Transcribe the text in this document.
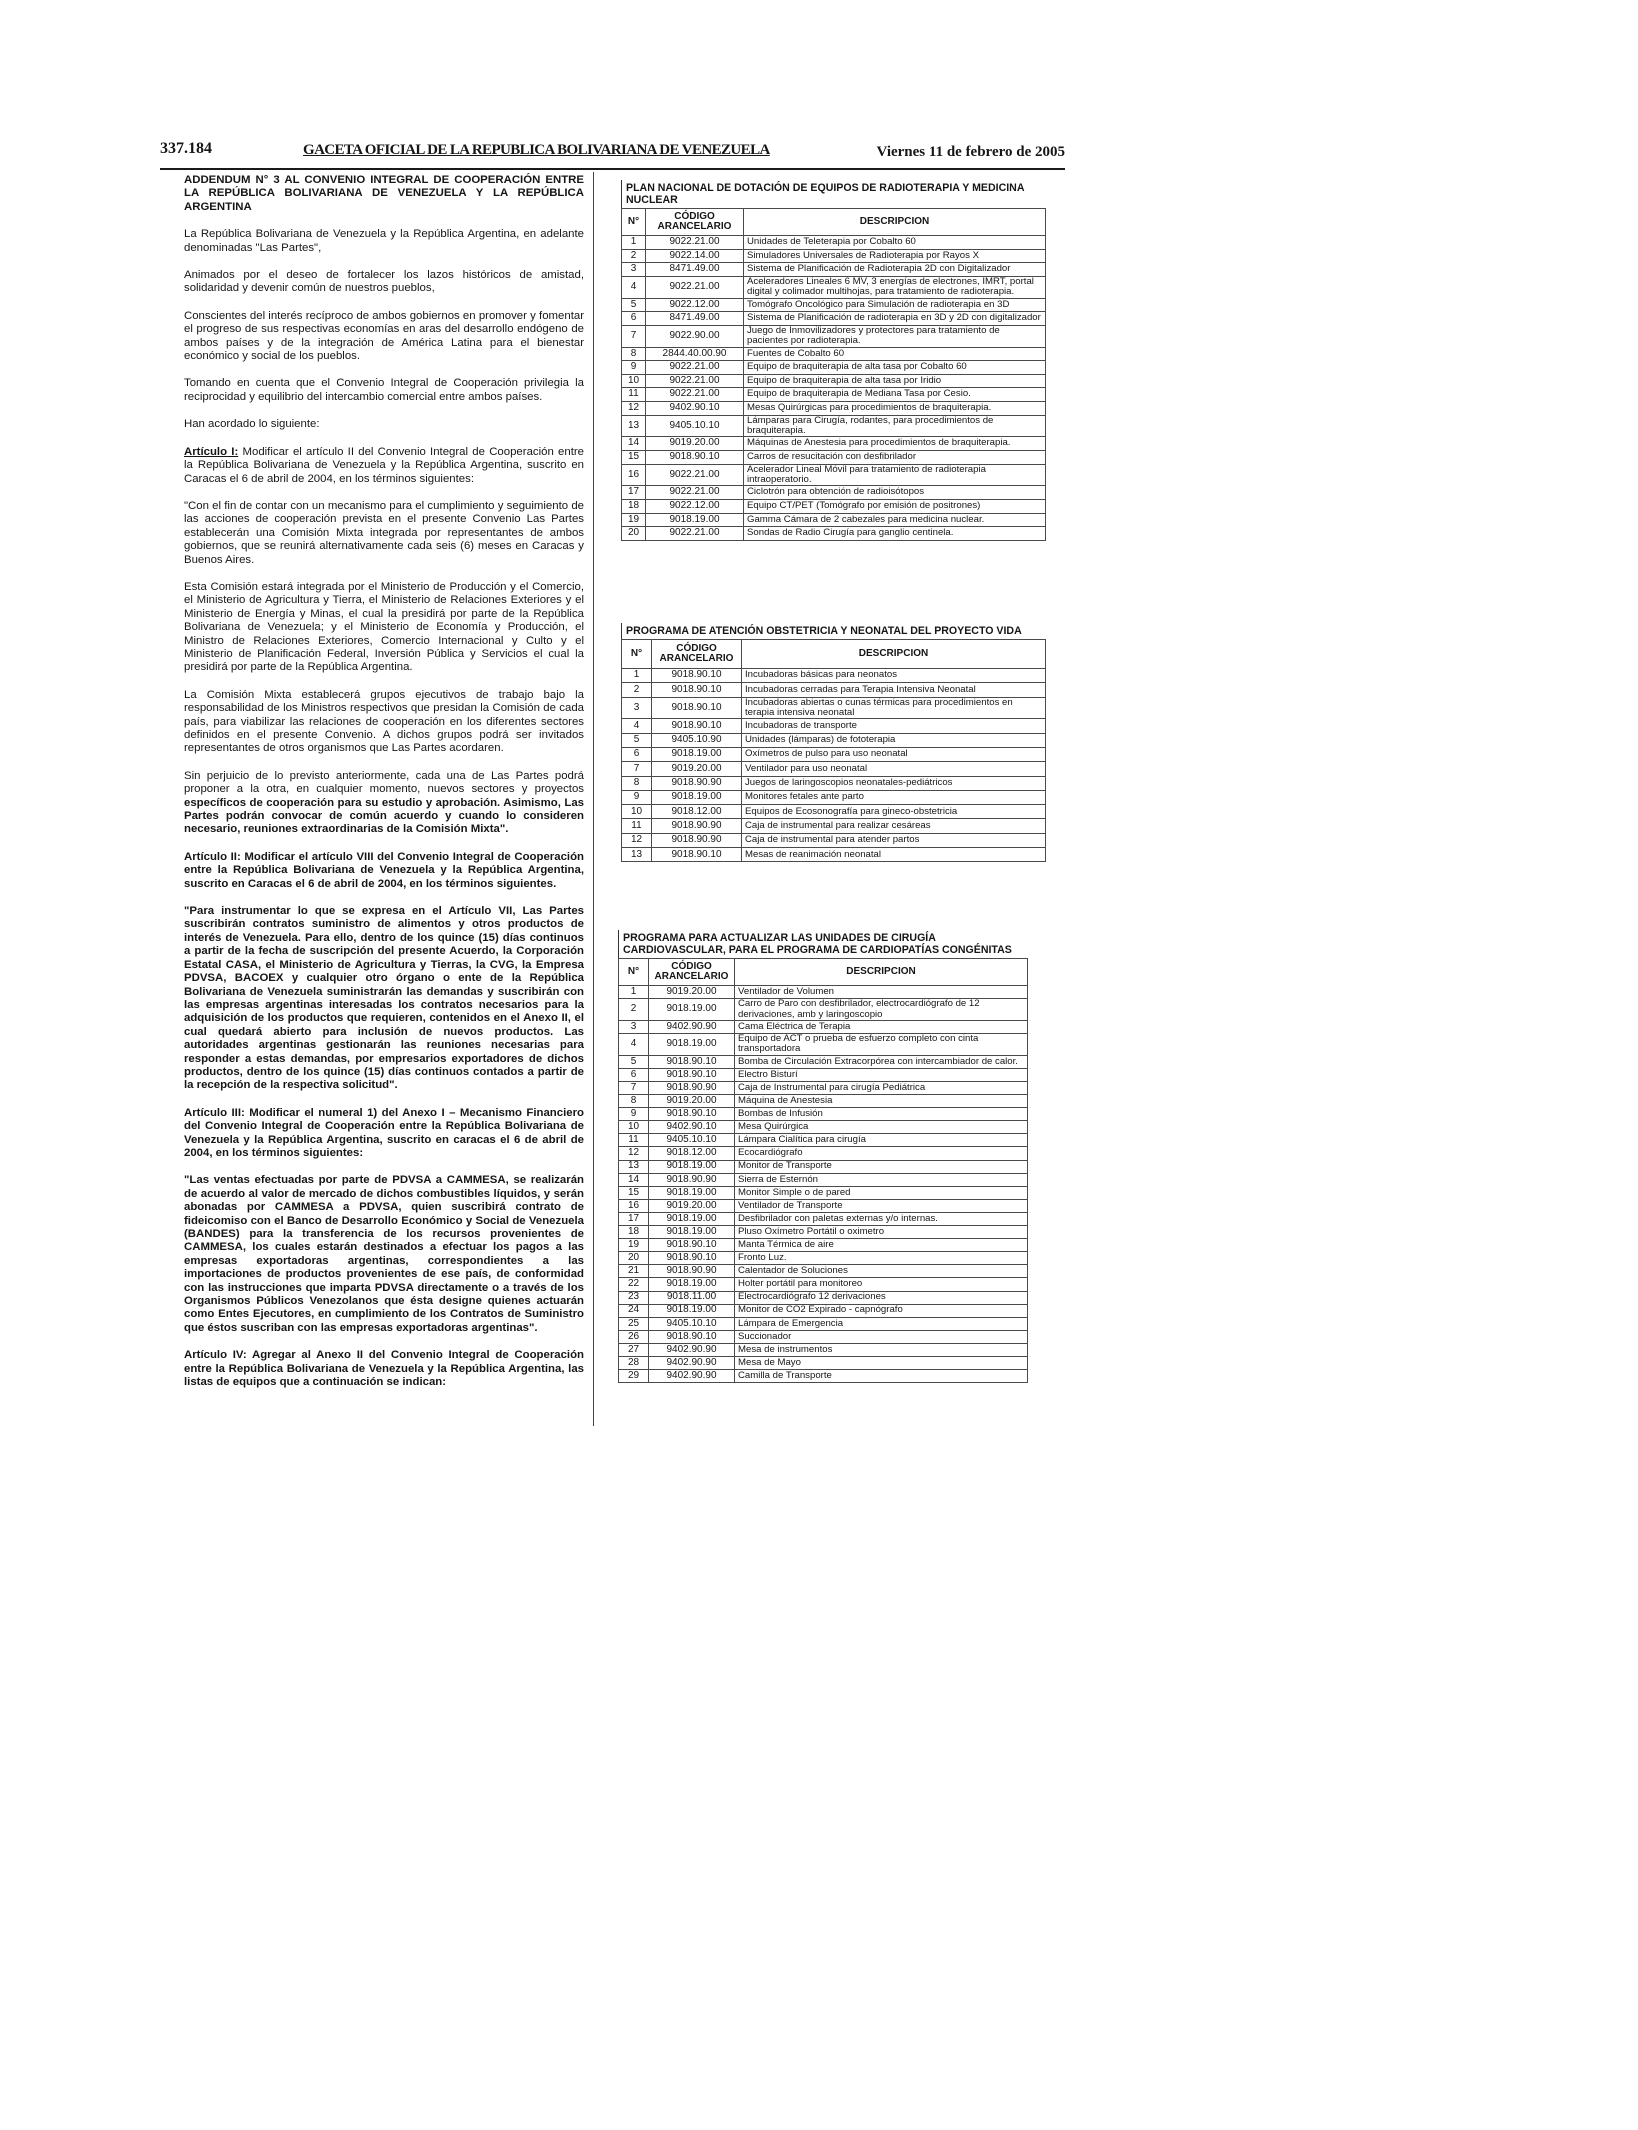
337.184	GACETA OFICIAL DE LA REPUBLICA BOLIVARIANA DE VENEZUELA	Viernes 11 de febrero de 2005

ADDENDUM N° 3 AL CONVENIO INTEGRAL DE COOPERACIÓN ENTRE LA REPÚBLICA BOLIVARIANA DE VENEZUELA Y LA REPÚBLICA ARGENTINA

La República Bolivariana de Venezuela y la República Argentina, en adelante denominadas "Las Partes",

Animados por el deseo de fortalecer los lazos históricos de amistad, solidaridad y devenir común de nuestros pueblos,

Conscientes del interés recíproco de ambos gobiernos en promover y fomentar el progreso de sus respectivas economías en aras del desarrollo endógeno de ambos países y de la integración de América Latina para el bienestar económico y social de los pueblos.

Tomando en cuenta que el Convenio Integral de Cooperación privilegia la reciprocidad y equilibrio del intercambio comercial entre ambos países.

Han acordado lo siguiente:

Artículo I: Modificar el artículo II del Convenio Integral de Cooperación entre la República Bolivariana de Venezuela y la República Argentina, suscrito en Caracas el 6 de abril de 2004, en los términos siguientes:

"Con el fin de contar con un mecanismo para el cumplimiento y seguimiento de las acciones de cooperación prevista en el presente Convenio Las Partes establecerán una Comisión Mixta integrada por representantes de ambos gobiernos, que se reunirá alternativamente cada seis (6) meses en Caracas y Buenos Aires.

Esta Comisión estará integrada por el Ministerio de Producción y el Comercio, el Ministerio de Agricultura y Tierra, el Ministerio de Relaciones Exteriores y el Ministerio de Energía y Minas, el cual la presidirá por parte de la República Bolivariana de Venezuela; y el Ministerio de Economía y Producción, el Ministro de Relaciones Exteriores, Comercio Internacional y Culto y el Ministerio de Planificación Federal, Inversión Pública y Servicios el cual la presidirá por parte de la República Argentina.

La Comisión Mixta establecerá grupos ejecutivos de trabajo bajo la responsabilidad de los Ministros respectivos que presidan la Comisión de cada país, para viabilizar las relaciones de cooperación en los diferentes sectores definidos en el presente Convenio. A dichos grupos podrá ser invitados representantes de otros organismos que Las Partes acordaren.

Sin perjuicio de lo previsto anteriormente, cada una de Las Partes podrá proponer a la otra, en cualquier momento, nuevos sectores y proyectos específicos de cooperación para su estudio y aprobación. Asimismo, Las Partes podrán convocar de común acuerdo y cuando lo consideren necesario, reuniones extraordinarias de la Comisión Mixta".

Artículo II: Modificar el artículo VIII del Convenio Integral de Cooperación entre la República Bolivariana de Venezuela y la República Argentina, suscrito en Caracas el 6 de abril de 2004, en los términos siguientes.

"Para instrumentar lo que se expresa en el Artículo VII, Las Partes suscribirán contratos suministro de alimentos y otros productos de interés de Venezuela. Para ello, dentro de los quince (15) días continuos a partir de la fecha de suscripción del presente Acuerdo, la Corporación Estatal CASA, el Ministerio de Agricultura y Tierras, la CVG, la Empresa PDVSA, BACOEX y cualquier otro órgano o ente de la República Bolivariana de Venezuela suministrarán las demandas y suscribirán con las empresas argentinas interesadas los contratos necesarios para la adquisición de los productos que requieren, contenidos en el Anexo II, el cual quedará abierto para inclusión de nuevos productos. Las autoridades argentinas gestionarán las reuniones necesarias para responder a estas demandas, por empresarios exportadores de dichos productos, dentro de los quince (15) días continuos contados a partir de la recepción de la respectiva solicitud".

Artículo III: Modificar el numeral 1) del Anexo I – Mecanismo Financiero del Convenio Integral de Cooperación entre la República Bolivariana de Venezuela y la República Argentina, suscrito en caracas el 6 de abril de 2004, en los términos siguientes:

"Las ventas efectuadas por parte de PDVSA a CAMMESA, se realizarán de acuerdo al valor de mercado de dichos combustibles líquidos, y serán abonadas por CAMMESA a PDVSA, quien suscribirá contrato de fideicomiso con el Banco de Desarrollo Económico y Social de Venezuela (BANDES) para la transferencia de los recursos provenientes de CAMMESA, los cuales estarán destinados a efectuar los pagos a las empresas exportadoras argentinas, correspondientes a las importaciones de productos provenientes de ese país, de conformidad con las instrucciones que imparta PDVSA directamente o a través de los Organismos Públicos Venezolanos que ésta designe quienes actuarán como Entes Ejecutores, en cumplimiento de los Contratos de Suministro que éstos suscriban con las empresas exportadoras argentinas".

Artículo IV: Agregar al Anexo II del Convenio Integral de Cooperación entre la República Bolivariana de Venezuela y la República Argentina, las listas de equipos que a continuación se indican:

PLAN NACIONAL DE DOTACIÓN DE EQUIPOS DE RADIOTERAPIA Y MEDICINA NUCLEAR
N°	CÓDIGO ARANCELARIO	DESCRIPCION
1	9022.21.00	Unidades de Teleterapia por Cobalto 60
2	9022.14.00	Simuladores Universales de Radioterapia por Rayos X
3	8471.49.00	Sistema de Planificación de Radioterapia 2D con Digitalizador
4	9022.21.00	Aceleradores Lineales 6 MV, 3 energías de electrones, IMRT, portal digital y colimador multihojas, para tratamiento de radioterapia.
5	9022.12.00	Tomógrafo Oncológico para Simulación de radioterapia en 3D
6	8471.49.00	Sistema de Planificación de radioterapia en 3D y 2D con digitalizador
7	9022.90.00	Juego de Inmovilizadores y protectores para tratamiento de pacientes por radioterapia.
8	2844.40.00.90	Fuentes de Cobalto 60
9	9022.21.00	Equipo de braquiterapia de alta tasa por Cobalto 60
10	9022.21.00	Equipo de braquiterapia de alta tasa por Iridio
11	9022.21.00	Equipo de braquiterapia de Mediana Tasa por Cesio.
12	9402.90.10	Mesas Quirúrgicas para procedimientos de braquiterapia.
13	9405.10.10	Lámparas para Cirugía, rodantes, para procedimientos de braquiterapia.
14	9019.20.00	Máquinas de Anestesia para procedimientos de braquiterapia.
15	9018.90.10	Carros de resucitación con desfibrilador
16	9022.21.00	Acelerador Lineal Móvil para tratamiento de radioterapia intraoperatorio.
17	9022.21.00	Ciclotrón para obtención de radioisótopos
18	9022.12.00	Equipo CT/PET (Tomógrafo por emisión de positrones)
19	9018.19.00	Gamma Cámara de 2 cabezales para medicina nuclear.
20	9022.21.00	Sondas de Radio Cirugía para ganglio centinela.
PROGRAMA DE ATENCIÓN OBSTETRICIA Y NEONATAL DEL PROYECTO VIDA
N°	CÓDIGO ARANCELARIO	DESCRIPCION
1	9018.90.10	Incubadoras básicas para neonatos
2	9018.90.10	Incubadoras cerradas para Terapia Intensiva Neonatal
3	9018.90.10	Incubadoras abiertas o cunas térmicas para procedimientos en terapia intensiva neonatal
4	9018.90.10	Incubadoras de transporte
5	9405.10.90	Unidades (lámparas) de fototerapia
6	9018.19.00	Oxímetros de pulso para uso neonatal
7	9019.20.00	Ventilador para uso neonatal
8	9018.90.90	Juegos de laringoscopios neonatales-pediátricos
9	9018.19.00	Monitores fetales ante parto
10	9018.12.00	Equipos de Ecosonografía para gineco-obstetricia
11	9018.90.90	Caja de instrumental para realizar cesáreas
12	9018.90.90	Caja de instrumental para atender partos
13	9018.90.10	Mesas de reanimación neonatal
PROGRAMA PARA ACTUALIZAR LAS UNIDADES DE CIRUGÍA CARDIOVASCULAR, PARA EL PROGRAMA DE CARDIOPATÍAS CONGÉNITAS
N°	CÓDIGO ARANCELARIO	DESCRIPCION
1	9019.20.00	Ventilador de Volumen
2	9018.19.00	Carro de Paro con desfibrilador, electrocardiógrafo de 12 derivaciones, amb y laringoscopio
3	9402.90.90	Cama Eléctrica de Terapia
4	9018.19.00	Equipo de ACT o prueba de esfuerzo completo con cinta transportadora
5	9018.90.10	Bomba de Circulación Extracorpórea con intercambiador de calor.
6	9018.90.10	Electro Bisturí
7	9018.90.90	Caja de Instrumental para cirugía Pediátrica
8	9019.20.00	Máquina de Anestesia
9	9018.90.10	Bombas de Infusión
10	9402.90.10	Mesa Quirúrgica
11	9405.10.10	Lámpara Cialítica para cirugía
12	9018.12.00	Ecocardiógrafo
13	9018.19.00	Monitor de Transporte
14	9018.90.90	Sierra de Esternón
15	9018.19.00	Monitor Simple o de pared
16	9019.20.00	Ventilador de Transporte
17	9018.19.00	Desfibrilador con paletas externas y/o internas.
18	9018.19.00	Pluso Oxímetro Portátil o oximetro
19	9018.90.10	Manta Térmica de aire
20	9018.90.10	Fronto Luz.
21	9018.90.90	Calentador de Soluciones
22	9018.19.00	Holter portátil para monitoreo
23	9018.11.00	Electrocardiógrafo 12 derivaciones
24	9018.19.00	Monitor de CO2 Expirado - capnógrafo
25	9405.10.10	Lámpara de Emergencia
26	9018.90.10	Succionador
27	9402.90.90	Mesa de instrumentos
28	9402.90.90	Mesa de Mayo
29	9402.90.90	Camilla de Transporte
